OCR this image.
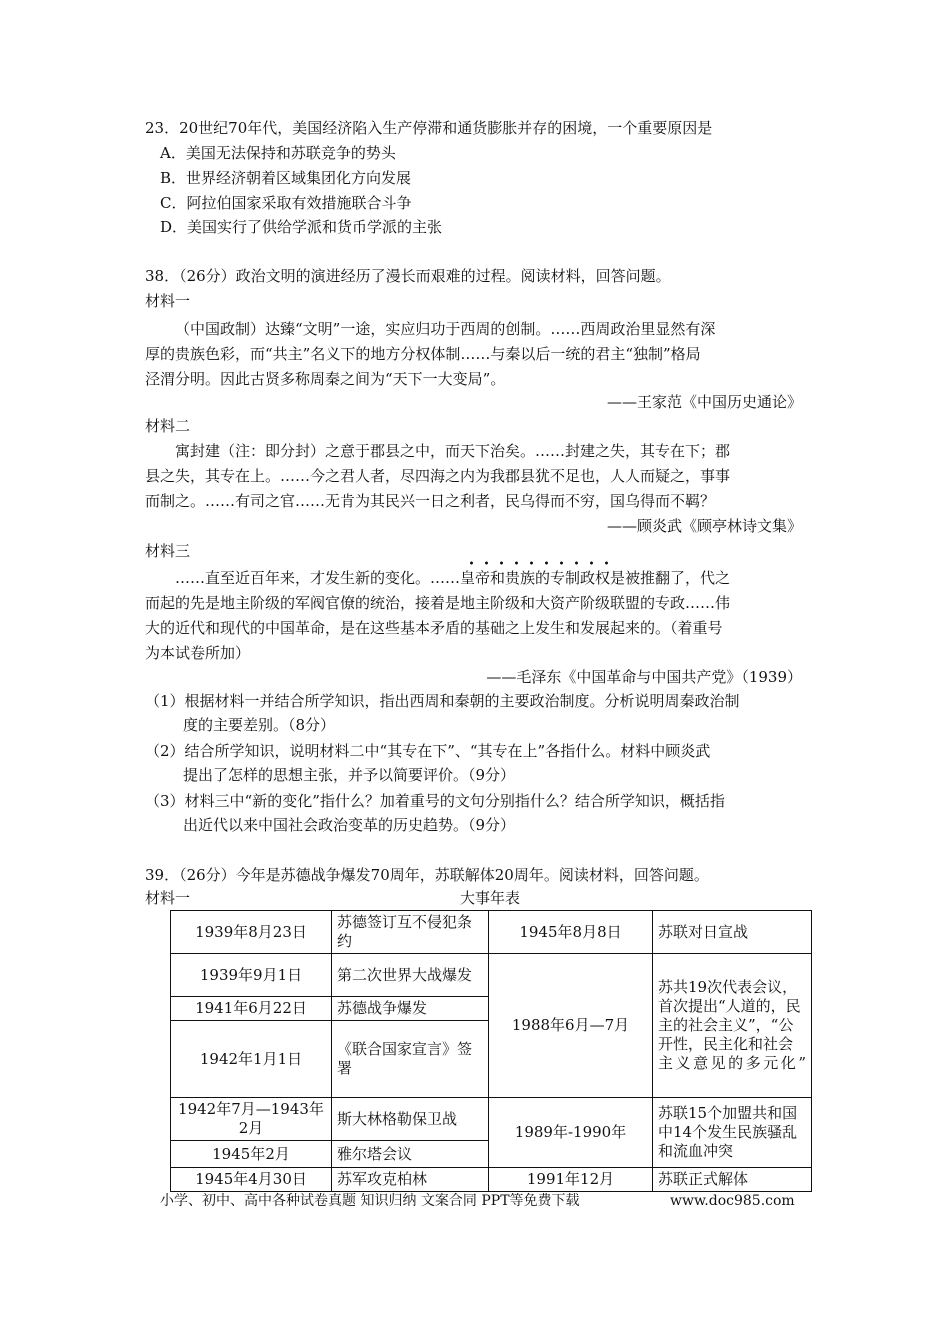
23．20世纪70年代，美国经济陷入生产停滞和通货膨胀并存的困境，一个重要原因是
A．美国无法保持和苏联竞争的势头
B．世界经济朝着区域集团化方向发展
C．阿拉伯国家采取有效措施联合斗争
D．美国实行了供给学派和货币学派的主张
38．（26分）政治文明的演进经历了漫长而艰难的过程。阅读材料，回答问题。
材料一
（中国政制）达臻“文明”一途，实应归功于西周的创制。……西周政治里显然有深
厚的贵族色彩，而“共主”名义下的地方分权体制……与秦以后一统的君主“独制”格局
泾渭分明。因此古贤多称周秦之间为“天下一大变局”。
——王家范《中国历史通论》
材料二
寓封建（注：即分封）之意于郡县之中，而天下治矣。……封建之失，其专在下；郡
县之失，其专在上。……今之君人者，尽四海之内为我郡县犹不足也，人人而疑之，事事
而制之。……有司之官……无肯为其民兴一日之利者，民乌得而不穷，国乌得而不羁？
——顾炎武《顾亭林诗文集》
材料三
……直至近百年来，才发生新的变化。……
皇帝和贵族的专制政权是被推翻了，代之
而起的先是地主阶级的军阀官僚的统治，接着是地主阶级和大资产阶级联盟的专政……伟
大的近代和现代的中国革命，是在这些基本矛盾的基础之上发生和发展起来的。（着重号
为本试卷所加）
——毛泽东《中国革命与中国共产党》（1939）
（1）根据材料一并结合所学知识，指出西周和秦朝的主要政治制度。分析说明周秦政治制
度的主要差别。（8分）
（2）结合所学知识，说明材料二中“其专在下”、“其专在上”各指什么。材料中顾炎武
提出了怎样的思想主张，并予以简要评价。（9分）
（3）材料三中“新的变化”指什么？加着重号的文句分别指什么？结合所学知识，概括指
出近代以来中国社会政治变革的历史趋势。（9分）
39．（26分）今年是苏德战争爆发70周年，苏联解体20周年。阅读材料，回答问题。
材料一	大事年表
1939年8月23日	苏德签订互不侵犯条约	1945年8月8日	苏联对日宣战
1939年9月1日	第二次世界大战爆发	1988年6月—7月	苏共19次代表会议，首次提出“人道的，民主的社会主义”，“公开性，民主化和社会主义意见的多元化”
1941年6月22日	苏德战争爆发		
1942年1月1日	《联合国家宣言》签署		
1942年7月—1943年2月	斯大林格勒保卫战	1989年-1990年	苏联15个加盟共和国中14个发生民族骚乱和流血冲突
1945年2月	雅尔塔会议		
1945年4月30日	苏军攻克柏林	1991年12月	苏联正式解体
小学、初中、高中各种试卷真题 知识归纳 文案合同 PPT等免费下载	www.doc985.com
